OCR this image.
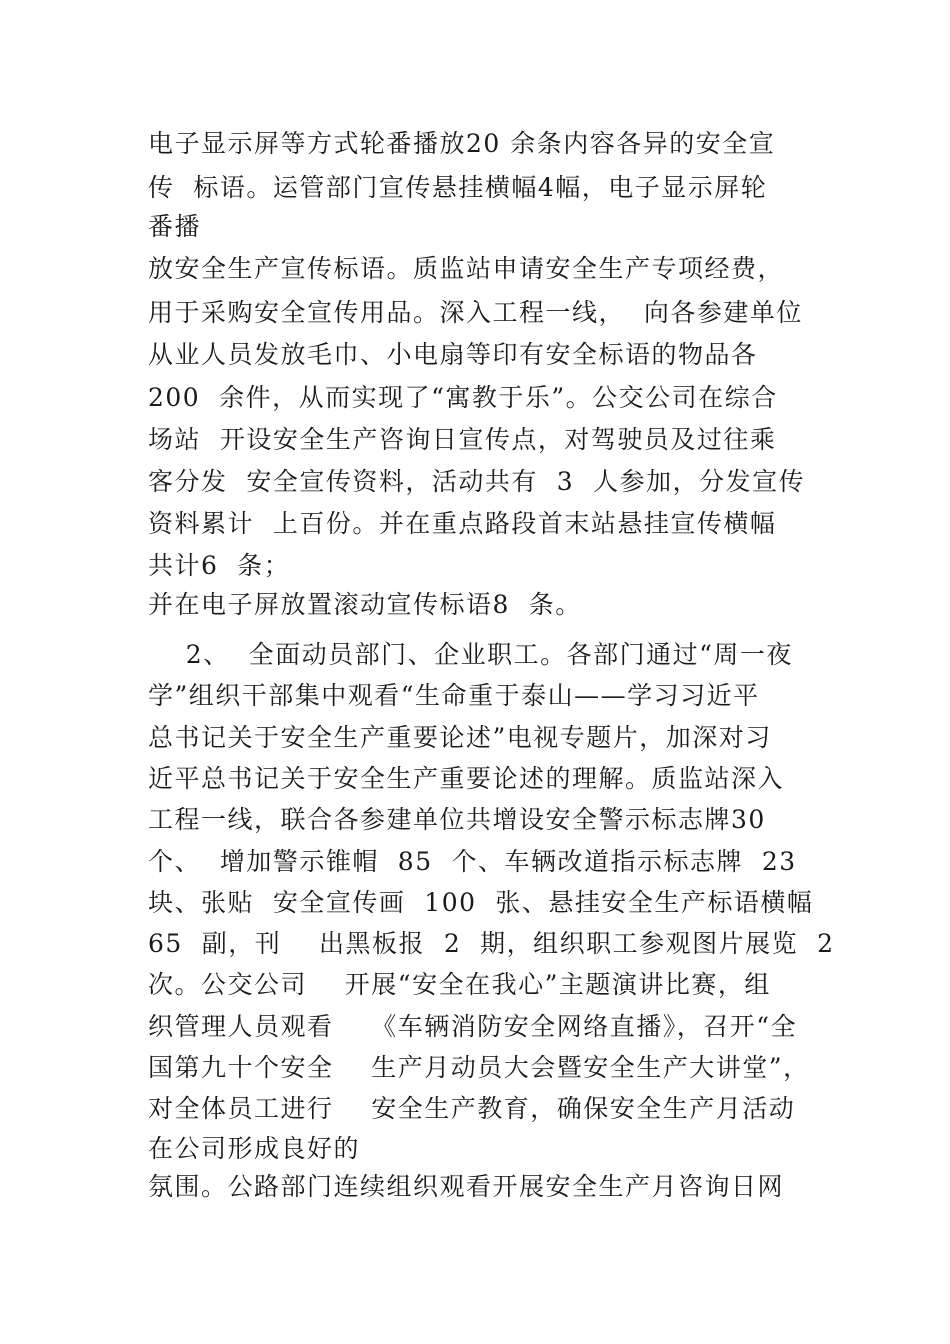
电子显示屏等方式轮番播放20 余条内容各异的安全宣
传  标语。运管部门宣传悬挂横幅4幅，电子显示屏轮
番播
放安全生产宣传标语。质监站申请安全生产专项经费，
用于采购安全宣传用品。深入工程一线，  向各参建单位
从业人员发放毛巾、小电扇等印有安全标语的物品各
200  余件，从而实现了“寓教于乐”。公交公司在综合
场站  开设安全生产咨询日宣传点，对驾驶员及过往乘
客分发  安全宣传资料，活动共有  3  人参加，分发宣传
资料累计  上百份。并在重点路段首末站悬挂宣传横幅
共计6  条；
并在电子屏放置滚动宣传标语8  条。
2、  全面动员部门、企业职工。各部门通过“周一夜
学”组织干部集中观看“生命重于泰山——学习习近平
总书记关于安全生产重要论述”电视专题片，加深对习
近平总书记关于安全生产重要论述的理解。质监站深入
工程一线，联合各参建单位共增设安全警示标志牌30
个、  增加警示锥帽  85  个、车辆改道指示标志牌  23
块、张贴  安全宣传画  100  张、悬挂安全生产标语横幅
65  副，刊    出黑板报  2  期，组织职工参观图片展览  2
次。公交公司    开展“安全在我心”主题演讲比赛，组
织管理人员观看    《车辆消防安全网络直播》，召开“全
国第九十个安全    生产月动员大会暨安全生产大讲堂”，
对全体员工进行    安全生产教育，确保安全生产月活动
在公司形成良好的
氛围。公路部门连续组织观看开展安全生产月咨询日网
